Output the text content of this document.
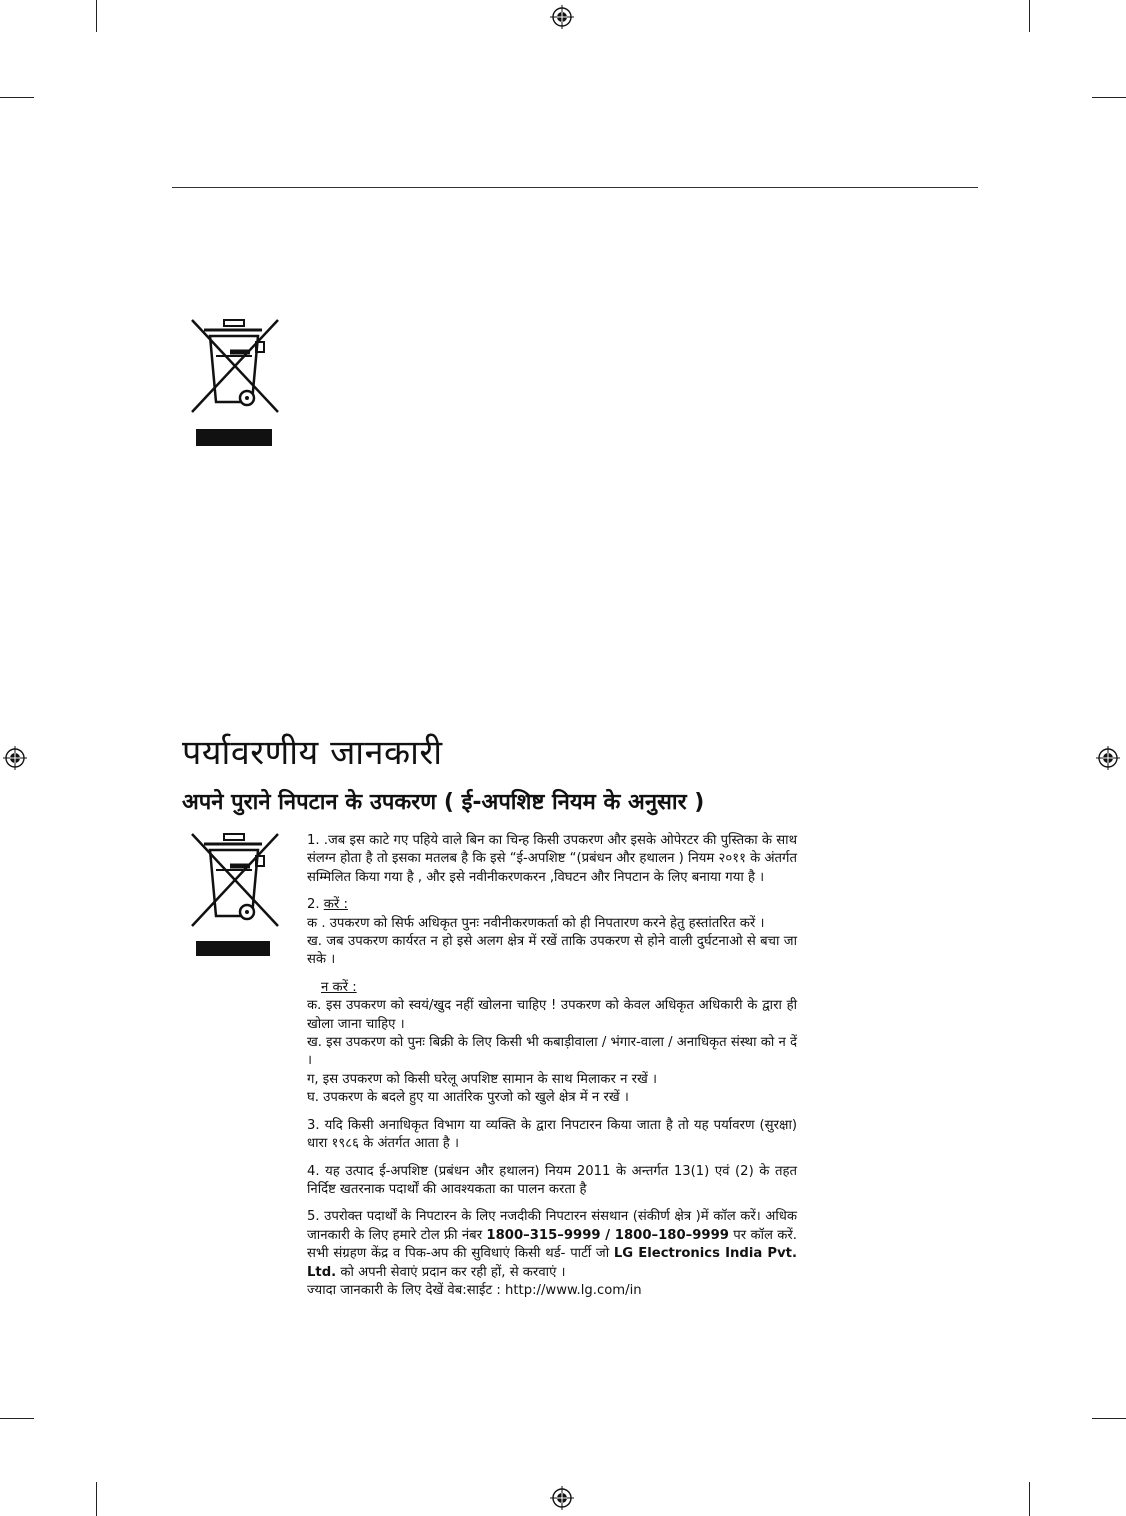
पर्यावरणीय जानकारी
अपने पुराने निपटान के उपकरण ( ई-अपशिष्ट नियम के अनुसार )

1. .जब इस काटे गए पहिये वाले बिन का चिन्ह किसी उपकरण और इसके ओपेरटर की पुस्तिका के साथ संलग्न होता है तो इसका मतलब है कि इसे “ई-अपशिष्ट “(प्रबंधन और हथालन ) नियम २०११ के अंतर्गत सम्मिलित किया गया है , और इसे नवीनीकरणकरन ,विघटन और निपटान के लिए बनाया गया है ।

2. करें :

क . उपकरण को सिर्फ अधिकृत पुनः नवीनीकरणकर्ता को ही निपतारण करने हेतु हस्तांतरित करें ।

ख. जब उपकरण कार्यरत न हो इसे अलग क्षेत्र में रखें ताकि उपकरण से होने वाली दुर्घटनाओ से बचा जा सके ।

न करें :

क. इस उपकरण को स्वयं/खुद नहीं खोलना चाहिए ! उपकरण को केवल अधिकृत अधिकारी के द्वारा ही खोला जाना चाहिए ।

ख. इस उपकरण को पुनः बिक्री के लिए किसी भी कबाड़ीवाला / भंगार-वाला / अनाधिकृत संस्था को न दें ।

ग, इस उपकरण को किसी घरेलू अपशिष्ट सामान के साथ मिलाकर न रखें ।

घ. उपकरण के बदले हुए या आतंरिक पुरजो को खुले क्षेत्र में न रखें ।

3. यदि किसी अनाधिकृत विभाग या व्यक्ति के द्वारा निपटारन किया जाता है तो यह पर्यावरण (सुरक्षा) धारा १९८६ के अंतर्गत आता है ।

4. यह उत्पाद ई-अपशिष्ट (प्रबंधन और हथालन) नियम 2011 के अन्तर्गत 13(1) एवं (2) के तहत निर्दिष्ट खतरनाक पदार्थों की आवश्यकता का पालन करता है

5. उपरोक्त पदार्थों के निपटारन के लिए नजदीकी निपटारन संसथान (संकीर्ण क्षेत्र )में कॉल करें। अधिक जानकारी के लिए हमारे टोल फ्री नंबर 1800–315–9999 / 1800–180–9999 पर कॉल करें. सभी संग्रहण केंद्र व पिक-अप की सुविधाएं किसी थर्ड- पार्टी जो LG Electronics India Pvt. Ltd. को अपनी सेवाएं प्रदान कर रही हों, से करवाएं ।

ज्यादा जानकारी के लिए देखें वेब:साईट : http://www.lg.com/in
